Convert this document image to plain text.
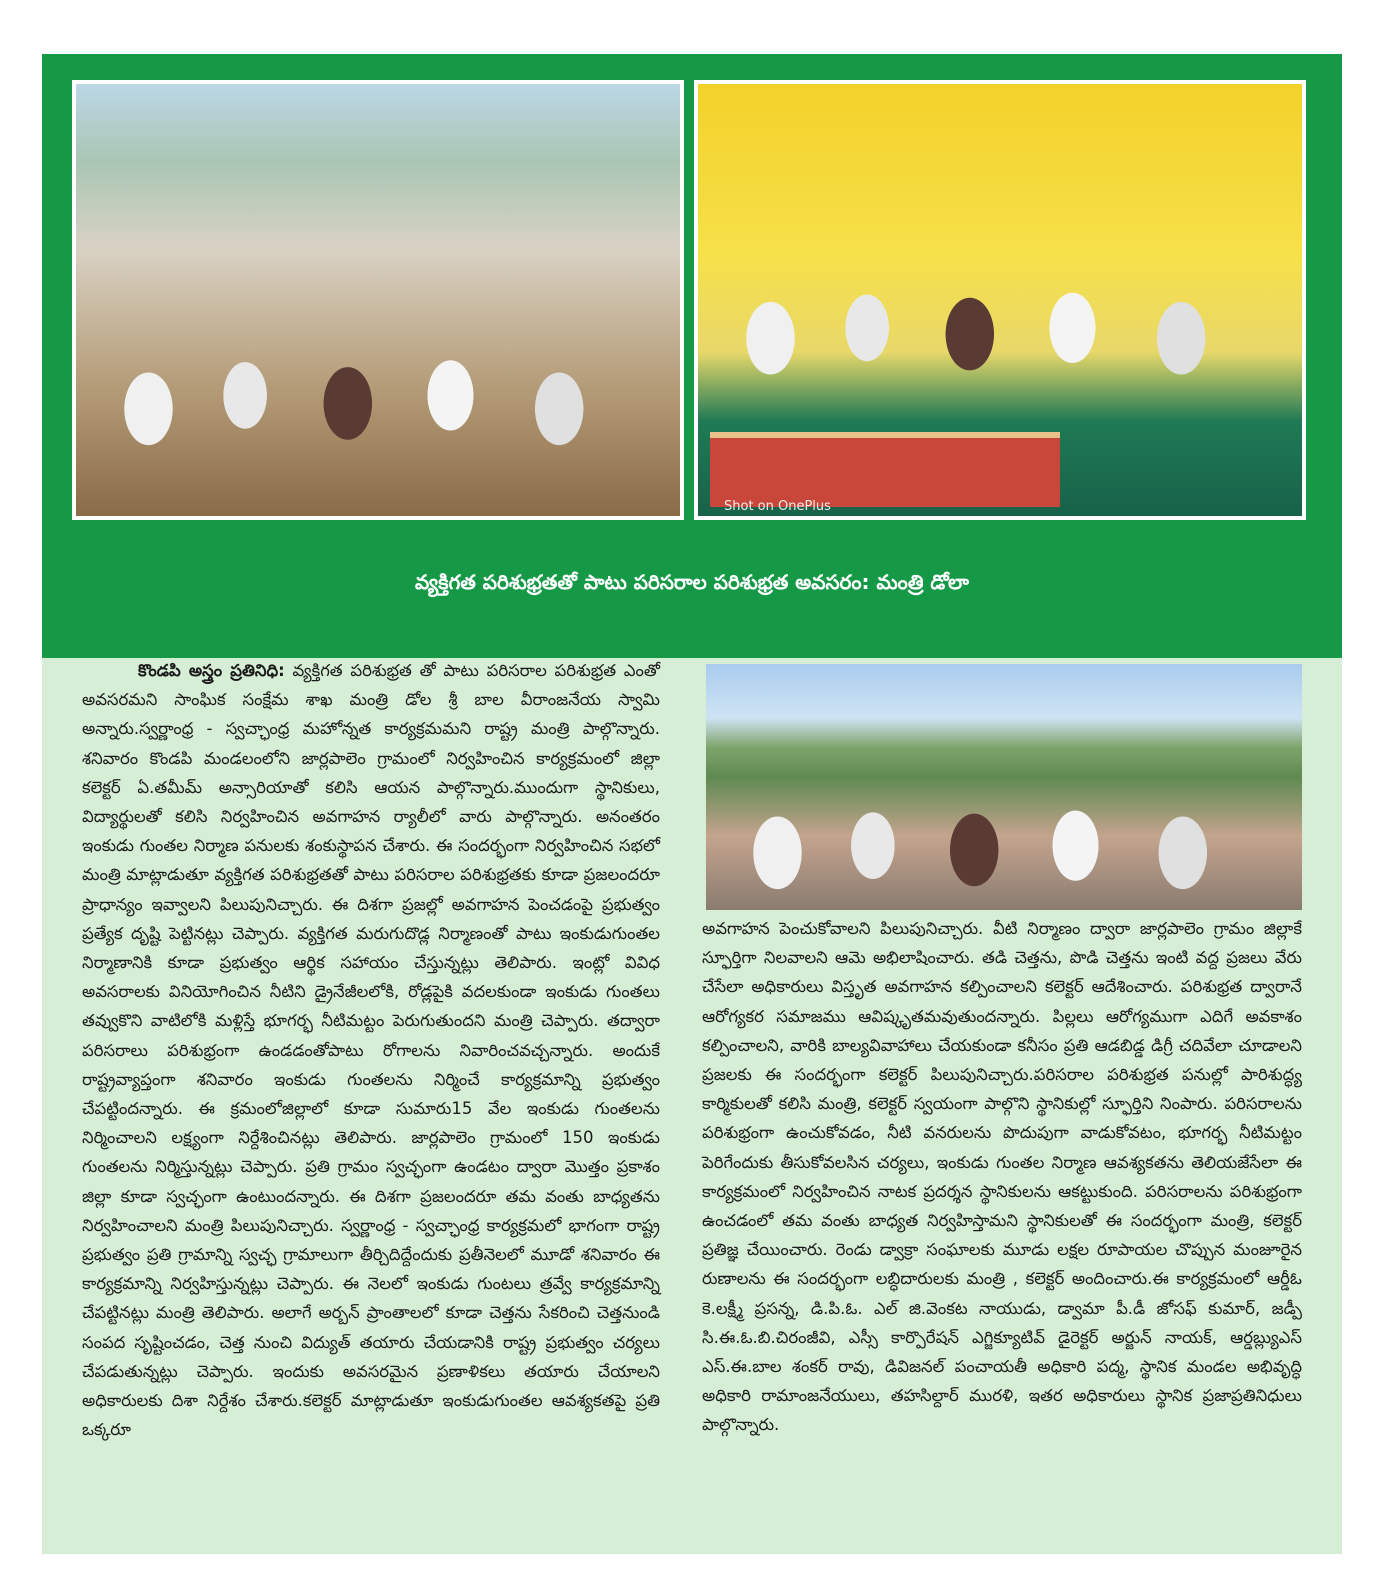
Shot on OnePlus
వ్యక్తిగత పరిశుభ్రతతో పాటు పరిసరాల పరిశుభ్రత అవసరం: మంత్రి డోలా

కొండపి అస్త్రం ప్రతినిధి: వ్యక్తిగత పరిశుభ్రత తో పాటు పరిసరాల పరిశుభ్రత ఎంతో అవసరమని సాంఘిక సంక్షేమ శాఖ మంత్రి డోల శ్రీ బాల వీరాంజనేయ స్వామి అన్నారు.స్వర్ణాంధ్ర - స్వచ్ఛాంధ్ర మహోన్నత కార్యక్రమమని రాష్ట్ర మంత్రి పాల్గొన్నారు. శనివారం కొండపి మండలంలోని జార్లపాలెం గ్రామంలో నిర్వహించిన కార్యక్రమంలో జిల్లా కలెక్టర్ ఏ.తమీమ్ అన్సారియాతో కలిసి ఆయన పాల్గొన్నారు.ముందుగా స్థానికులు, విద్యార్థులతో కలిసి నిర్వహించిన అవగాహన ర్యాలీలో వారు పాల్గొన్నారు. అనంతరం ఇంకుడు గుంతల నిర్మాణ పనులకు శంకుస్థాపన చేశారు. ఈ సందర్భంగా నిర్వహించిన సభలో మంత్రి మాట్లాడుతూ వ్యక్తిగత పరిశుభ్రతతో పాటు పరిసరాల పరిశుభ్రతకు కూడా ప్రజలందరూ ప్రాధాన్యం ఇవ్వాలని పిలుపునిచ్చారు. ఈ దిశగా ప్రజల్లో అవగాహన పెంచడంపై ప్రభుత్వం ప్రత్యేక దృష్టి పెట్టినట్లు చెప్పారు. వ్యక్తిగత మరుగుదొడ్ల నిర్మాణంతో పాటు ఇంకుడుగుంతల నిర్మాణానికి కూడా ప్రభుత్వం ఆర్థిక సహాయం చేస్తున్నట్లు తెలిపారు. ఇంట్లో వివిధ అవసరాలకు వినియోగించిన నీటిని డ్రైనేజీలలోకి, రోడ్లపైకి వదలకుండా ఇంకుడు గుంతలు తవ్వుకొని వాటిలోకి మళ్లిస్తే భూగర్భ నీటిమట్టం పెరుగుతుందని మంత్రి చెప్పారు. తద్వారా పరిసరాలు పరిశుభ్రంగా ఉండడంతోపాటు రోగాలను నివారించవచ్చన్నారు. అందుకే రాష్ట్రవ్యాప్తంగా శనివారం ఇంకుడు గుంతలను నిర్మించే కార్యక్రమాన్ని ప్రభుత్వం చేపట్టిందన్నారు. ఈ క్రమంలోజిల్లాలో కూడా సుమారు15 వేల ఇంకుడు గుంతలను నిర్మించాలని లక్ష్యంగా నిర్దేశించినట్లు తెలిపారు. జార్లపాలెం గ్రామంలో 150 ఇంకుడు గుంతలను నిర్మిస్తున్నట్లు చెప్పారు. ప్రతి గ్రామం స్వచ్ఛంగా ఉండటం ద్వారా మొత్తం ప్రకాశం జిల్లా కూడా స్వచ్ఛంగా ఉంటుందన్నారు. ఈ దిశగా ప్రజలందరూ తమ వంతు బాధ్యతను నిర్వహించాలని మంత్రి పిలుపునిచ్చారు. స్వర్ణాంధ్ర - స్వచ్ఛాంధ్ర కార్యక్రమలో భాగంగా రాష్ట్ర ప్రభుత్వం ప్రతి గ్రామాన్ని స్వచ్ఛ గ్రామాలుగా తీర్చిదిద్దేందుకు ప్రతీనెలలో మూడో శనివారం ఈ కార్యక్రమాన్ని నిర్వహిస్తున్నట్లు చెప్పారు. ఈ నెలలో ఇంకుడు గుంటలు త్రవ్వే కార్యక్రమాన్ని చేపట్టినట్లు మంత్రి తెలిపారు. అలాగే అర్బన్ ప్రాంతాలలో కూడా చెత్తను సేకరించి చెత్తనుండి సంపద సృష్టించడం, చెత్త నుంచి విద్యుత్ తయారు చేయడానికి రాష్ట్ర ప్రభుత్వం చర్యలు చేపడుతున్నట్లు చెప్పారు. ఇందుకు అవసరమైన ప్రణాళికలు తయారు చేయాలని అధికారులకు దిశా నిర్దేశం చేశారు.కలెక్టర్ మాట్లాడుతూ ఇంకుడుగుంతల ఆవశ్యకతపై ప్రతి ఒక్కరూ

అవగాహన పెంచుకోవాలని పిలుపునిచ్చారు. వీటి నిర్మాణం ద్వారా జార్లపాలెం గ్రామం జిల్లాకే స్ఫూర్తిగా నిలవాలని ఆమె అభిలాషించారు. తడి చెత్తను, పొడి చెత్తను ఇంటి వద్ద ప్రజలు వేరు చేసేలా అధికారులు విస్తృత అవగాహన కల్పించాలని కలెక్టర్ ఆదేశించారు. పరిశుభ్రత ద్వారానే ఆరోగ్యకర సమాజము ఆవిష్కృతమవుతుందన్నారు. పిల్లలు ఆరోగ్యముగా ఎదిగే అవకాశం కల్పించాలని, వారికి బాల్యవివాహాలు చేయకుండా కనీసం ప్రతి ఆడబిడ్డ డిగ్రీ చదివేలా చూడాలని ప్రజలకు ఈ సందర్భంగా కలెక్టర్ పిలుపునిచ్చారు.పరిసరాల పరిశుభ్రత పనుల్లో పారిశుద్ధ్య కార్మికులతో కలిసి మంత్రి, కలెక్టర్ స్వయంగా పాల్గొని స్థానికుల్లో స్ఫూర్తిని నింపారు. పరిసరాలను పరిశుభ్రంగా ఉంచుకోవడం, నీటి వనరులను పొదుపుగా వాడుకోవటం, భూగర్భ నీటిమట్టం పెరిగేందుకు తీసుకోవలసిన చర్యలు, ఇంకుడు గుంతల నిర్మాణ ఆవశ్యకతను తెలియజేసేలా ఈ కార్యక్రమంలో నిర్వహించిన నాటక ప్రదర్శన స్థానికులను ఆకట్టుకుంది. పరిసరాలను పరిశుభ్రంగా ఉంచడంలో తమ వంతు బాధ్యత నిర్వహిస్తామని స్థానికులతో ఈ సందర్భంగా మంత్రి, కలెక్టర్ ప్రతిజ్ఞ చేయించారు. రెండు డ్వాక్రా సంఘాలకు మూడు లక్షల రూపాయల చొప్పున మంజూరైన రుణాలను ఈ సందర్భంగా లబ్ధిదారులకు మంత్రి , కలెక్టర్ అందించారు.ఈ కార్యక్రమంలో ఆర్డీఓ కె.లక్ష్మీ ప్రసన్న, డి.పి.ఓ. ఎల్ జి.వెంకట నాయుడు, డ్వామా పీ.డీ జోసఫ్ కుమార్, జడ్పీ సి.ఈ.ఓ.బి.చిరంజీవి, ఎస్సీ కార్పొరేషన్ ఎగ్జిక్యూటివ్ డైరెక్టర్ అర్జున్ నాయక్, ఆర్డబ్ల్యుఎస్ ఎస్.ఈ.బాల శంకర్ రావు, డివిజనల్ పంచాయతీ అధికారి పద్మ, స్థానిక మండల అభివృద్ధి అధికారి రామాంజనేయులు, తహసిల్దార్ మురళి, ఇతర అధికారులు స్థానిక ప్రజాప్రతినిధులు పాల్గొన్నారు.
